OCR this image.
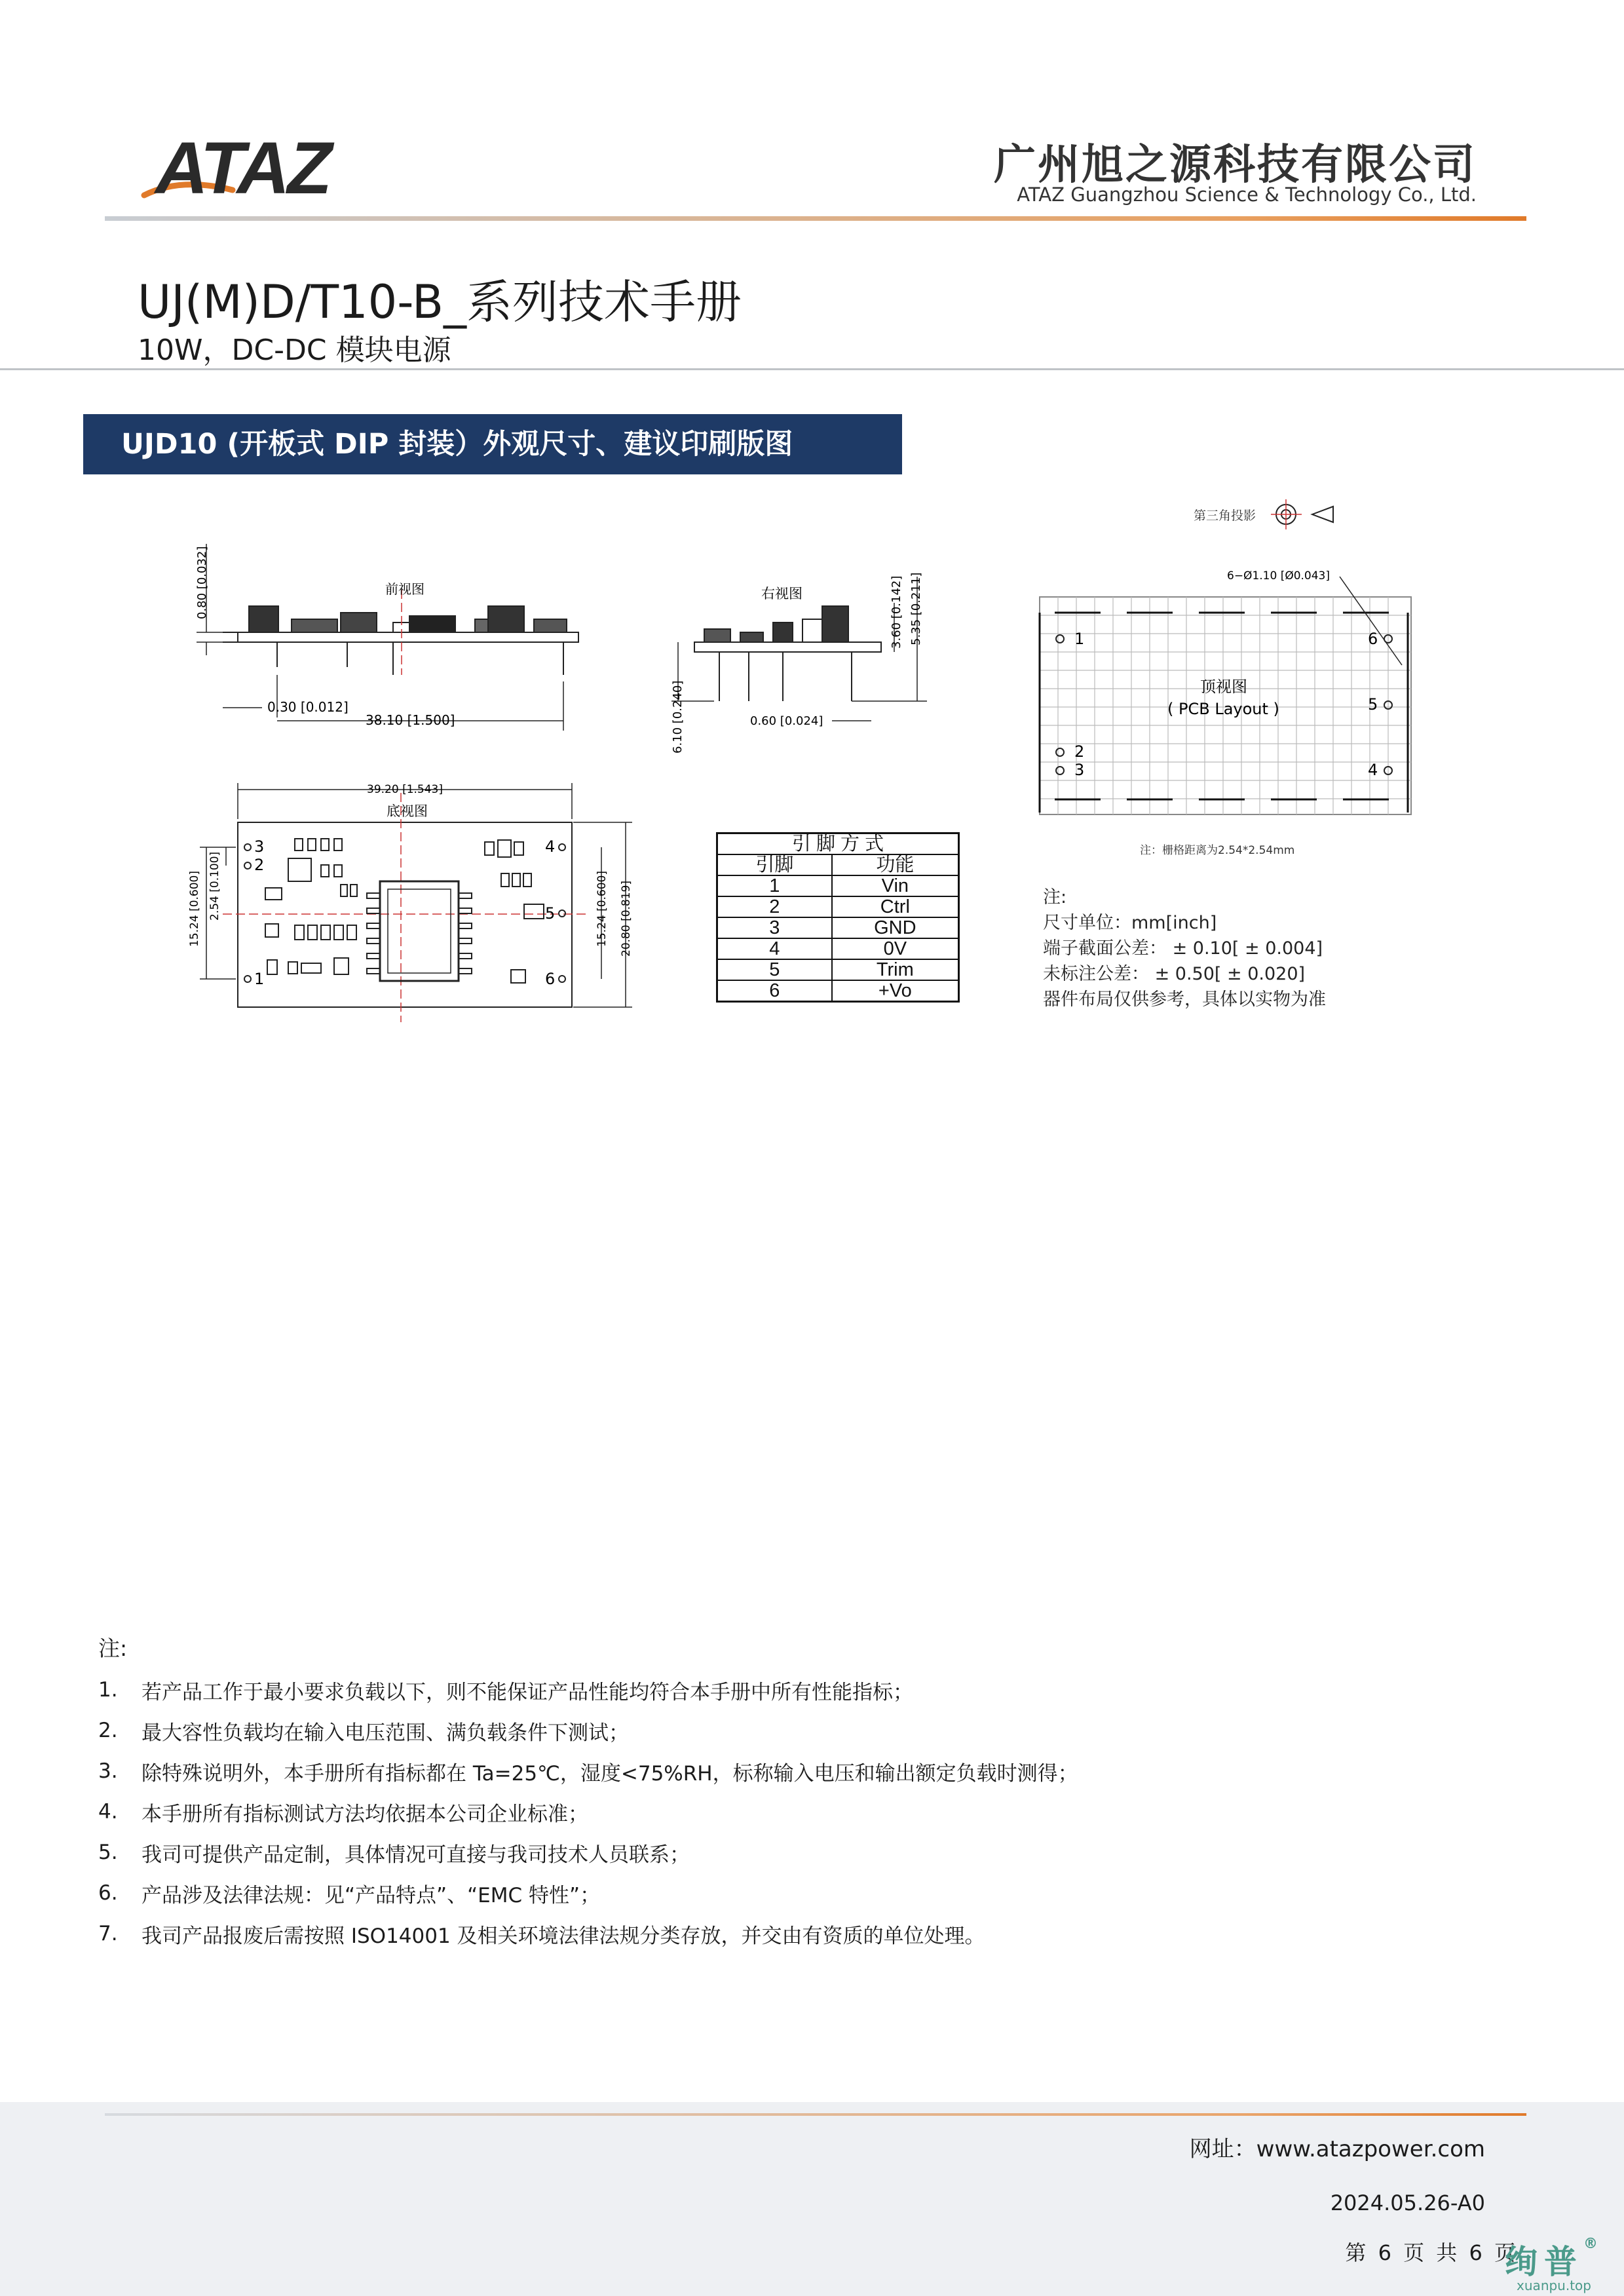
ATAZ	广州旭之源科技有限公司
ATAZ Guangzhou Science & Technology Co., Ltd.
UJ(M)D/T10-B_系列技术手册
10W，DC-DC 模块电源
UJD10 (开板式 DIP 封装）外观尺寸、建议印刷版图
前视图
0.30 [0.012]
38.10 [1.500]
0.80 [0.032]	右视图	3.60 [0.142] 5.35 [0.211]
6.10 [0.240]	0.60 [0.024]
39.20 [1.543]
底视图
15.24 [0.600] 2.54 [0.100]	15.24 [0.600] 20.80 [0.819]
3
2
1
4
5
6
6−Ø1.10 [Ø0.043]
顶视图
( PCB Layout )
1
2
3	4
5
6
第三角投影
注：栅格距离为2.54*2.54mm
引 脚 方 式	
引脚	功能
1	Vin
2	Ctrl
3	GND
4	0V
5	Trim
6	+Vo
注:
尺寸单位：mm[inch]
端子截面公差： ± 0.10[ ± 0.004]
未标注公差： ± 0.50[ ± 0.020]
器件布局仅供参考，具体以实物为准
注:
1.	若产品工作于最小要求负载以下，则不能保证产品性能均符合本手册中所有性能指标；
2.	最大容性负载均在输入电压范围、满负载条件下测试；
3.	除特殊说明外，本手册所有指标都在 Ta=25℃，湿度<75%RH，标称输入电压和输出额定负载时测得；
4.	本手册所有指标测试方法均依据本公司企业标准；
5.	我司可提供产品定制，具体情况可直接与我司技术人员联系；
6.	产品涉及法律法规：见“产品特点”、“EMC 特性”；
7.	我司产品报废后需按照 ISO14001 及相关环境法律法规分类存放，并交由有资质的单位处理。
网址：www.atazpower.com
2024.05.26-A0
第 6 页 共 6 页
绚普®
xuanpu.top
